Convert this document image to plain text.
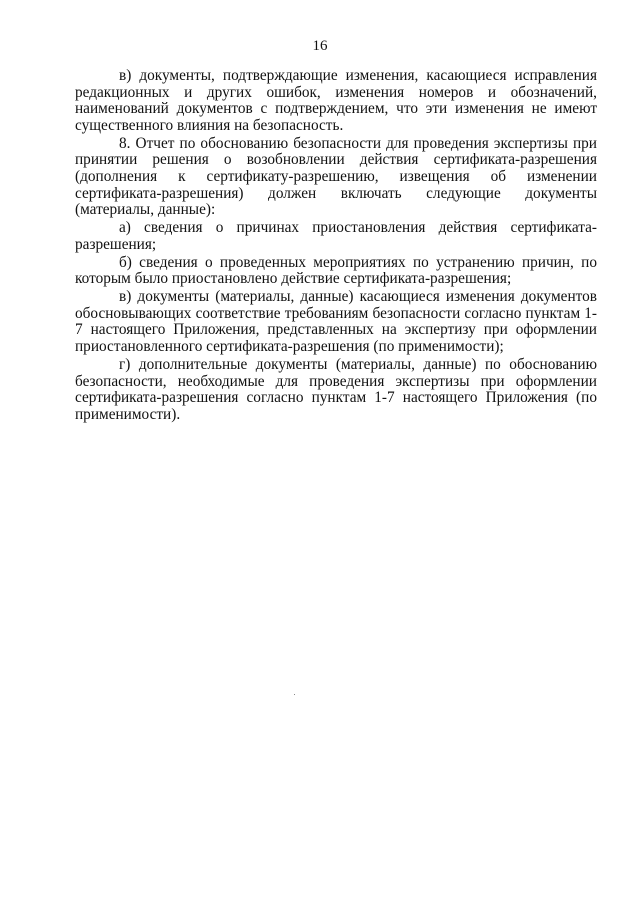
16

в) документы, подтверждающие изменения, касающиеся исправления редакционных и других ошибок, изменения номеров и обозначений, наименований документов с подтверждением, что эти изменения не имеют существенного влияния на безопасность.

8. Отчет по обоснованию безопасности для проведения экспертизы при принятии решения о возобновлении действия сертификата-разрешения (дополнения к сертификату-разрешению, извещения об изменении сертификата-разрешения) должен включать следующие документы (материалы, данные):

а) сведения о причинах приостановления действия сертификата-разрешения;

б) сведения о проведенных мероприятиях по устранению причин, по которым было приостановлено действие сертификата-разрешения;

в) документы (материалы, данные) касающиеся изменения документов обосновывающих соответствие требованиям безопасности согласно пунктам 1-7 настоящего Приложения, представленных на экспертизу при оформлении приостановленного сертификата-разрешения (по применимости);

г) дополнительные документы (материалы, данные) по обоснованию безопасности, необходимые для проведения экспертизы при оформлении сертификата-разрешения согласно пунктам 1-7 настоящего Приложения (по применимости).
